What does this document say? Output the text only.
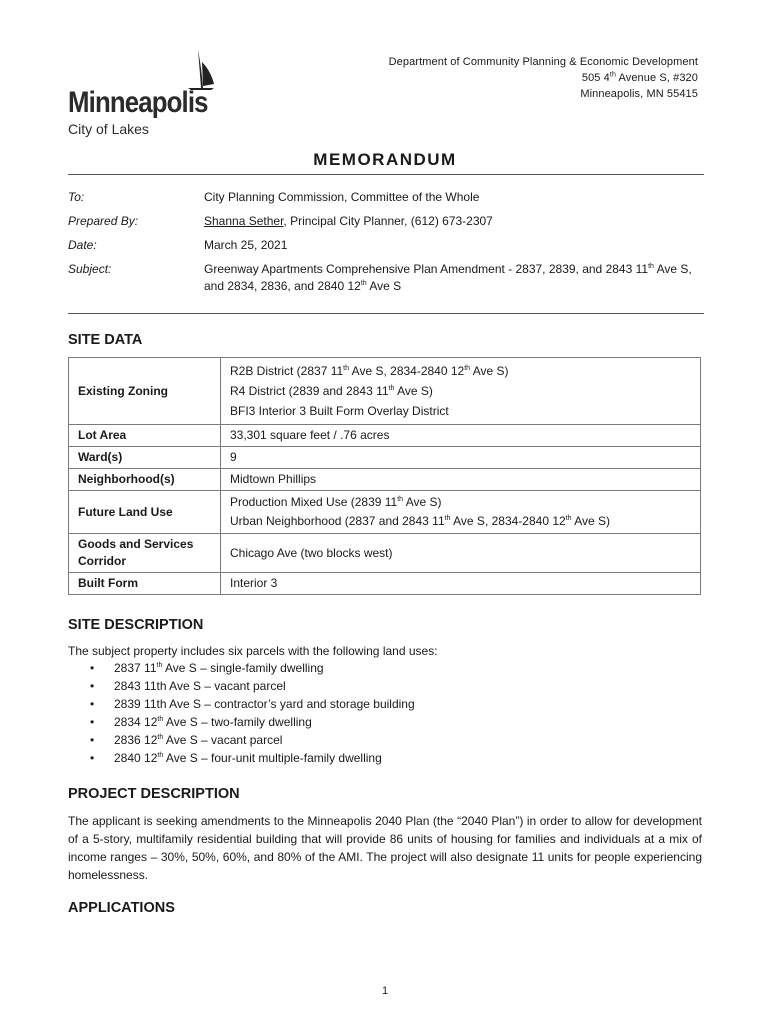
Department of Community Planning & Economic Development
505 4th Avenue S, #320
Minneapolis, MN 55415
Minneapolis
City of Lakes
MEMORANDUM
To:	City Planning Commission, Committee of the Whole
Prepared By:	Shanna Sether, Principal City Planner, (612) 673-2307
Date:	March 25, 2021
Subject:	Greenway Apartments Comprehensive Plan Amendment - 2837, 2839, and 2843 11th Ave S, and 2834, 2836, and 2840 12th Ave S
SITE DATA
Existing Zoning	R2B District (2837 11th Ave S, 2834-2840 12th Ave S)
R4 District (2839 and 2843 11th Ave S)
BFI3 Interior 3 Built Form Overlay District

Lot Area	33,301 square feet / .76 acres
Ward(s)	9
Neighborhood(s)	Midtown Phillips
Future Land Use	Production Mixed Use (2839 11th Ave S)
Urban Neighborhood (2837 and 2843 11th Ave S, 2834-2840 12th Ave S)

Goods and Services Corridor	Chicago Ave (two blocks west)
Built Form	Interior 3
SITE DESCRIPTION
The subject property includes six parcels with the following land uses:
• 2837 11th Ave S – single-family dwelling
• 2843 11th Ave S – vacant parcel
• 2839 11th Ave S – contractor’s yard and storage building
• 2834 12th Ave S – two-family dwelling
• 2836 12th Ave S – vacant parcel
• 2840 12th Ave S – four-unit multiple-family dwelling
PROJECT DESCRIPTION
The applicant is seeking amendments to the Minneapolis 2040 Plan (the “2040 Plan”) in order to allow for development of a 5-story, multifamily residential building that will provide 86 units of housing for families and individuals at a mix of income ranges – 30%, 50%, 60%, and 80% of the AMI. The project will also designate 11 units for people experiencing homelessness.
APPLICATIONS
1
